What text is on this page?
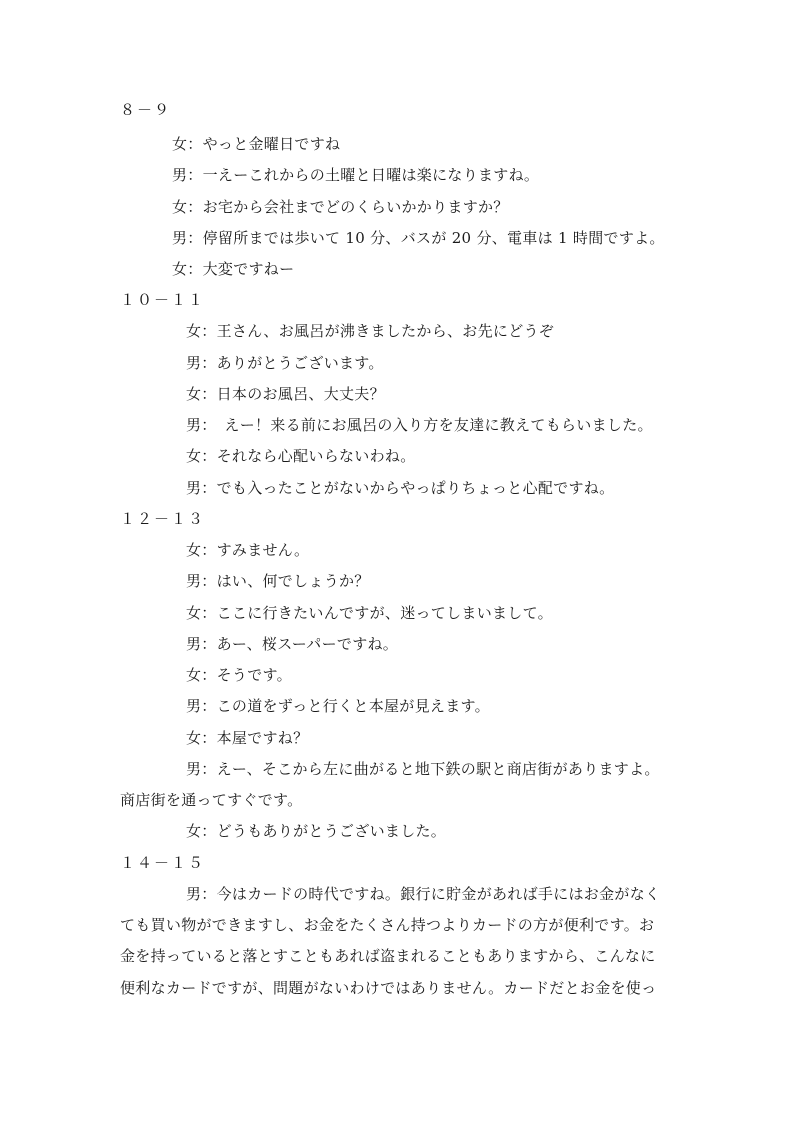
８－９
女：やっと金曜日ですね
男：一えーこれからの土曜と日曜は楽になりますね。
女：お宅から会社までどのくらいかかりますか？
男：停留所までは歩いて 10 分、バスが 20 分、電車は 1 時間ですよ。
女：大変ですねー
１０－１１
女：王さん、お風呂が沸きましたから、お先にどうぞ
男：ありがとうございます。
女：日本のお風呂、大丈夫？
男：　えー！来る前にお風呂の入り方を友達に教えてもらいました。
女：それなら心配いらないわね。
男：でも入ったことがないからやっぱりちょっと心配ですね。
１２－１３
女：すみません。
男：はい、何でしょうか？
女：ここに行きたいんですが、迷ってしまいまして。
男：あー、桜スーパーですね。
女：そうです。
男：この道をずっと行くと本屋が見えます。
女：本屋ですね？
男：えー、そこから左に曲がると地下鉄の駅と商店街がありますよ。
商店街を通ってすぐです。
女：どうもありがとうございました。
１４－１５
男：今はカードの時代ですね。銀行に貯金があれば手にはお金がなく
ても買い物ができますし、お金をたくさん持つよりカードの方が便利です。お
金を持っていると落とすこともあれば盗まれることもありますから、こんなに
便利なカードですが、問題がないわけではありません。カードだとお金を使っ
